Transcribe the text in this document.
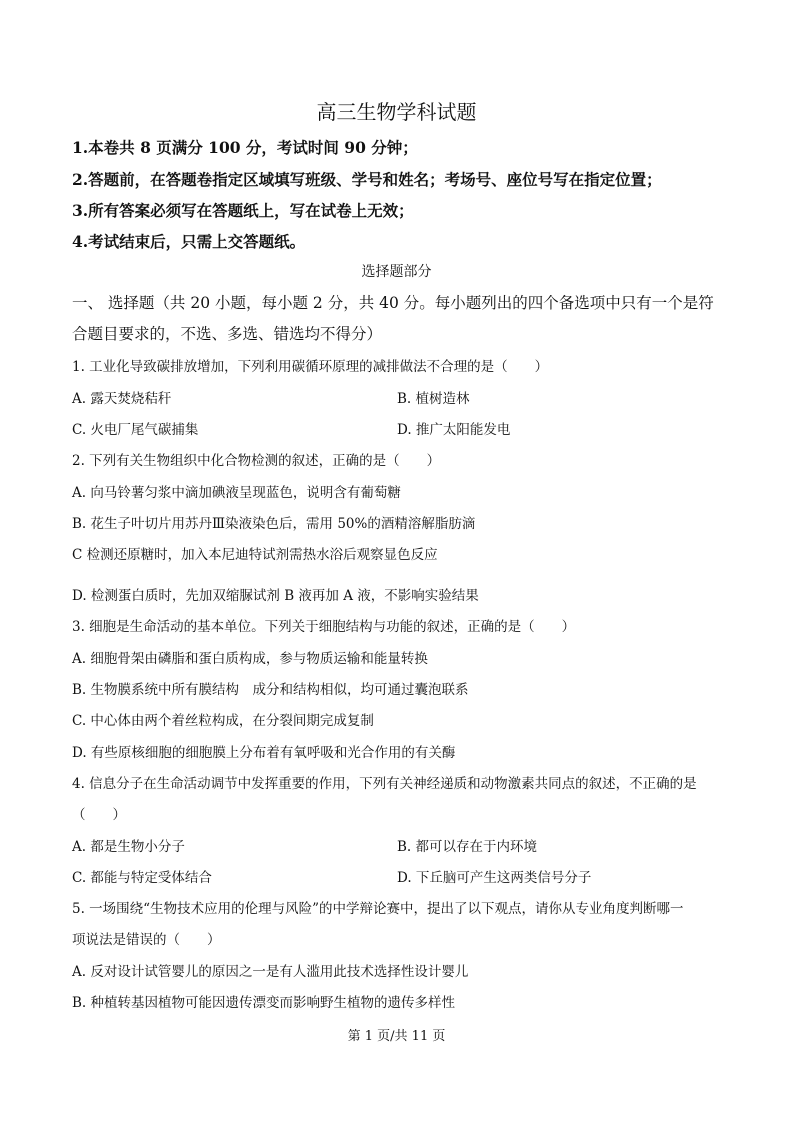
高三生物学科试题
1.本卷共 8 页满分 100 分，考试时间 90 分钟；
2.答题前，在答题卷指定区域填写班级、学号和姓名；考场号、座位号写在指定位置；
3.所有答案必须写在答题纸上，写在试卷上无效；
4.考试结束后，只需上交答题纸。
选择题部分
一、 选择题（共 20 小题，每小题 2 分，共 40 分。每小题列出的四个备选项中只有一个是符
合题目要求的，不选、多选、错选均不得分）
1. 工业化导致碳排放增加，下列利用碳循环原理的减排做法不合理的是（　　）
A. 露天焚烧秸秆	B. 植树造林
C. 火电厂尾气碳捕集	D. 推广太阳能发电
2. 下列有关生物组织中化合物检测的叙述，正确的是（　　）
A. 向马铃薯匀浆中滴加碘液呈现蓝色，说明含有葡萄糖
B. 花生子叶切片用苏丹Ⅲ染液染色后，需用 50%的酒精溶解脂肪滴
C 检测还原糖时，加入本尼迪特试剂需热水浴后观察显色反应
D. 检测蛋白质时，先加双缩脲试剂 B 液再加 A 液，不影响实验结果
3. 细胞是生命活动的基本单位。下列关于细胞结构与功能的叙述，正确的是（　　）
A. 细胞骨架由磷脂和蛋白质构成，参与物质运输和能量转换
B. 生物膜系统中所有膜结构　成分和结构相似，均可通过囊泡联系
C. 中心体由两个着丝粒构成，在分裂间期完成复制
D. 有些原核细胞的细胞膜上分布着有氧呼吸和光合作用的有关酶
4. 信息分子在生命活动调节中发挥重要的作用，下列有关神经递质和动物激素共同点的叙述，不正确的是
（　　）
A. 都是生物小分子	B. 都可以存在于内环境
C. 都能与特定受体结合	D. 下丘脑可产生这两类信号分子
5. 一场围绕“生物技术应用的伦理与风险”的中学辩论赛中，提出了以下观点，请你从专业角度判断哪一
项说法是错误的（　　）
A. 反对设计试管婴儿的原因之一是有人滥用此技术选择性设计婴儿
B. 种植转基因植物可能因遗传漂变而影响野生植物的遗传多样性
第 1 页/共 11 页
